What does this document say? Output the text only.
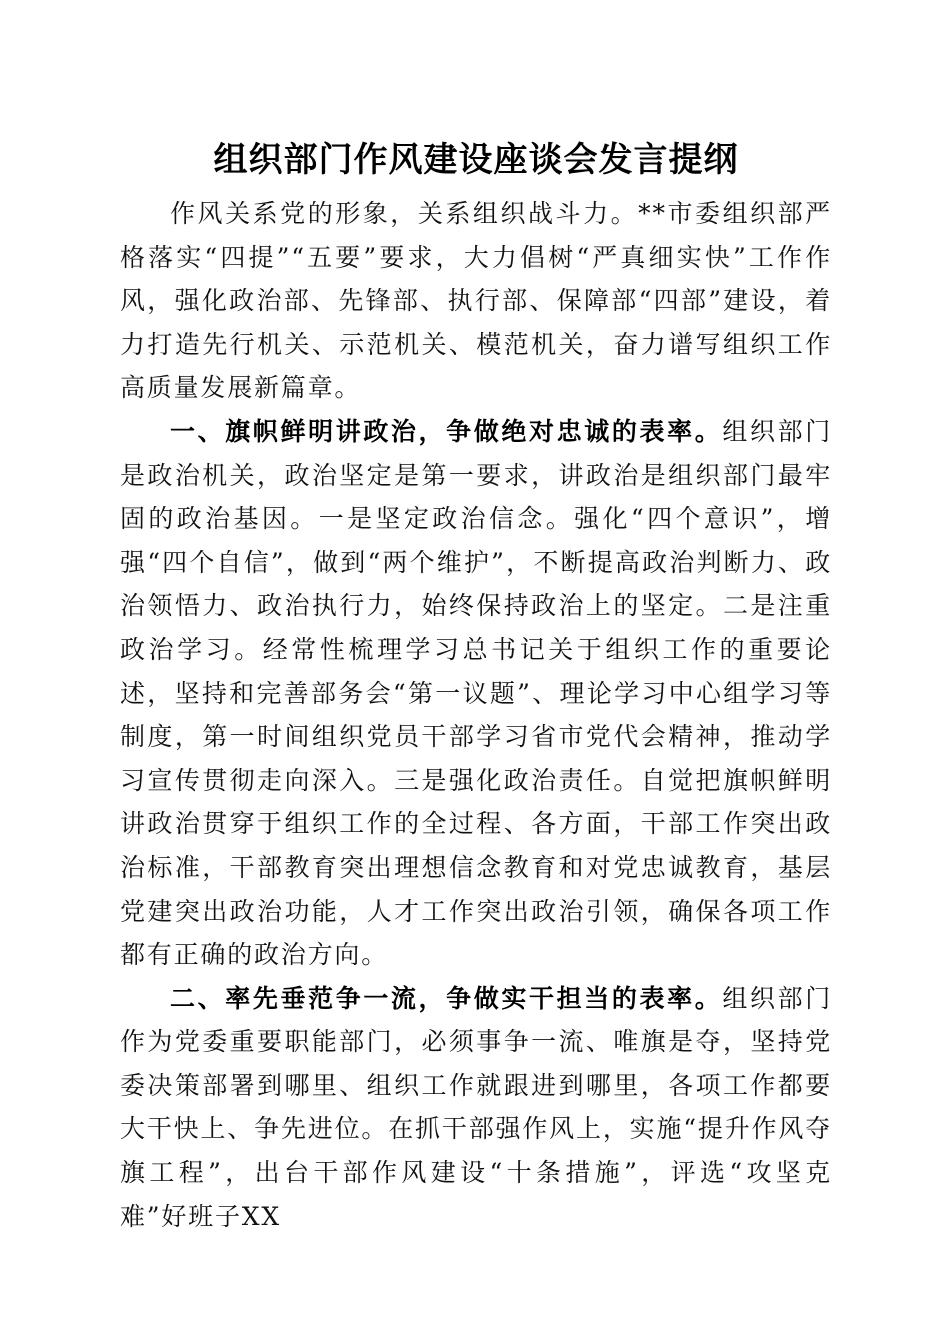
组织部门作风建设座谈会发言提纲

作风关系党的形象，关系组织战斗力。**市委组织部严格落实“四提”“五要”要求，大力倡树“严真细实快”工作作风，强化政治部、先锋部、执行部、保障部“四部”建设，着力打造先行机关、示范机关、模范机关，奋力谱写组织工作高质量发展新篇章。

一、旗帜鲜明讲政治，争做绝对忠诚的表率。组织部门是政治机关，政治坚定是第一要求，讲政治是组织部门最牢固的政治基因。一是坚定政治信念。强化“四个意识”，增强“四个自信”，做到“两个维护”，不断提高政治判断力、政治领悟力、政治执行力，始终保持政治上的坚定。二是注重政治学习。经常性梳理学习总书记关于组织工作的重要论述，坚持和完善部务会“第一议题”、理论学习中心组学习等制度，第一时间组织党员干部学习省市党代会精神，推动学习宣传贯彻走向深入。三是强化政治责任。自觉把旗帜鲜明讲政治贯穿于组织工作的全过程、各方面，干部工作突出政治标准，干部教育突出理想信念教育和对党忠诚教育，基层党建突出政治功能，人才工作突出政治引领，确保各项工作都有正确的政治方向。

二、率先垂范争一流，争做实干担当的表率。组织部门作为党委重要职能部门，必须事争一流、唯旗是夺，坚持党委决策部署到哪里、组织工作就跟进到哪里，各项工作都要大干快上、争先进位。在抓干部强作风上，实施“提升作风夺旗工程”，出台干部作风建设“十条措施”，评选“攻坚克难”好班子XX
